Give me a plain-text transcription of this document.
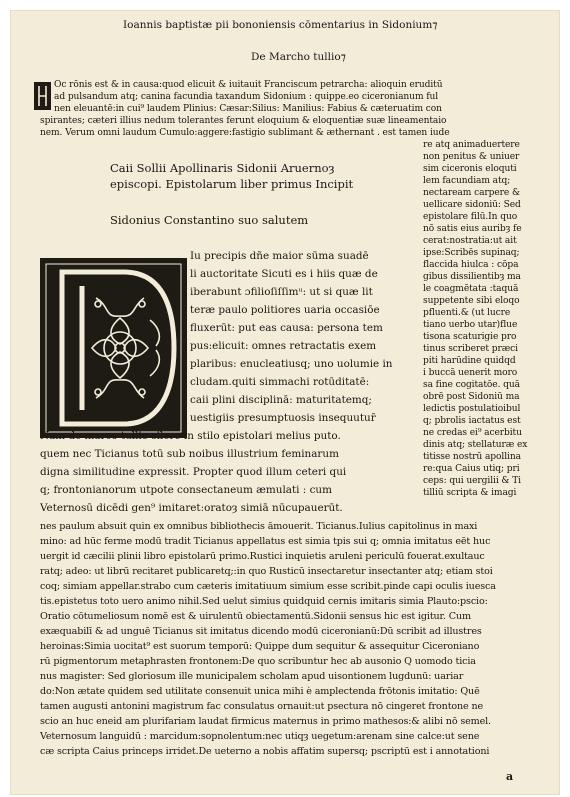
Ioannis baptistæ pii bononiensis cōmentarius in Sidonium⁊
De Marcho tullio⁊
Oc rōnis est & in causa:quod elicuit & iuitauit Franciscum petrarcha: alioquin eruditū
ad pulsandum atq; canina facundia taxandum Sidonium : quippe.eo ciceronianum ful
nen eleuantē:in cui⁹ laudem Plinius: Cæsar:Silius: Manilius: Fabius & cæteruatim con
spirantes; cæteri illius nedum tolerantes ferunt eloquium & eloquentiæ suæ lineamentaio
nem. Verum omni laudum Cumulo:aggere:fastigio sublimant & æthernant . est tamen iude
Caii Sollii Apollinaris Sidonii Aruernoȝ
episcopi. Epistolarum liber primus Incipit
Sidonius Constantino suo salutem
Iu precipis dñe maior sūma suadē
li auctoritate Sicuti es i hiis quæ de
iberabunt̄ ɔfilioſiſſimᵘ: ut si quæ lit
teræ paulo politiores uaria occasiōe
fluxerūt: put eas causa: persona tem
pus:elicuit: omnes retractatis exem
plaribus: enucleatiusq; uno uolumie in
cludam.quiti simmachi rotūditatē:
caii plini disciplinā: maturitatemq;
uestigiis presumptuosis insequutur̄
Nam de marco tullio silere in stilo epistolari melius puto.
quem nec Ticianus totū sub noibus illustrium feminarum
digna similitudine expressit. Propter quod illum ceteri qui
q; frontonianorum utpote consectaneum æmulati : cum
Veternosū dicēdi gen⁹ imitaret̄:oratoȝ simiā nūcupauerūt.
re atq animaduertere
non penitus & uniuer
sim ciceronis eloquti
lem facundiam atq;
nectaream carpere &
uellicare sidoniū: Sed
epistolare filū.In quo
nō satis eius auribȝ fe
cerat:nostratia:ut ait
ipse:Scribēs supinaq;
flaccida hiulca : cōpa
gibus dissilientibȝ ma
le coagmētata :taquā
suppetente sibi eloqo
pfluenti.& (ut lucre
tiano uerbo utar)flue
tisona scaturigie pro
tinus scriberet præci
piti harūdine quidqd
i buccā uenerit moro
sa fine cogitatōe. quā
obrē post Sidoniū ma
ledictis postulatioibul
q; pbrolis iactatus est
ne credas ei⁹ acerbitu
dinis atq; stellaturæ ex
titisse nostrū apollina
re:qua Caius utiq; pri
ceps: qui uergilii & Ti
tilliū scripta & imagi
nes paulum absuit quin ex omnibus bibliothecis āmouerit. Ticianus.Iulius capitolinus in maxi
mino: ad hūc ferme modū tradit Ticianus appellatus est simia tpis sui q; omnia imitatus eēt huc
uergit id cæcilii plinii libro epistolarū primo.Rustici inquietis aruleni periculū fouerat.exultauc
ratq; adeo: ut librū recitaret publicaretq;:in quo Rusticū insectaretur insectanter atq; etiam stoi
coq; simiam appellar.strabo cum cæteris imitatiuum simium esse scribit.pinde capi oculis iuesca
tis.epistetus toto uero animo nihil.Sed uelut simius quidquid cernis imitaris simia Plauto:pscio:
Oratio cōtumeliosum nomē est & uirulentū obiectamentū.Sidonii sensus hic est igitur. Cum
exæquabilī & ad unguē Ticianus sit imitatus dicendo modū ciceronianū:Dū scribit ad illustres
heroinas:Simia uocitat⁹ est suorum temporū: Quippe dum sequitur & assequitur Ciceroniano
rū pigmentorum metaphrasten frontonem:De quo scribuntur hec ab ausonio Q uomodo ticia
nus magister: Sed gloriosum ille municipalem scholam apud uisontionem lugdunū: uariar
do:Non ætate quidem sed utilitate consenuit unica mihi è amplectenda frōtonis imitatio: Quē
tamen augusti antonini magistrum fac consulatus ornauit:ut psectura nō cingeret frontone ne
scio an huc eneid am plurifariam laudat firmicus maternus in primo mathesos:& alibi nō semel.
Veternosum languidū : marcidum:sopnolentum:nec utiqȝ uegetum:arenam sine calce:ut sene
cæ scripta Caius princeps irridet.De ueterno a nobis affatim supersq; pscriptū est i annotationi
a
